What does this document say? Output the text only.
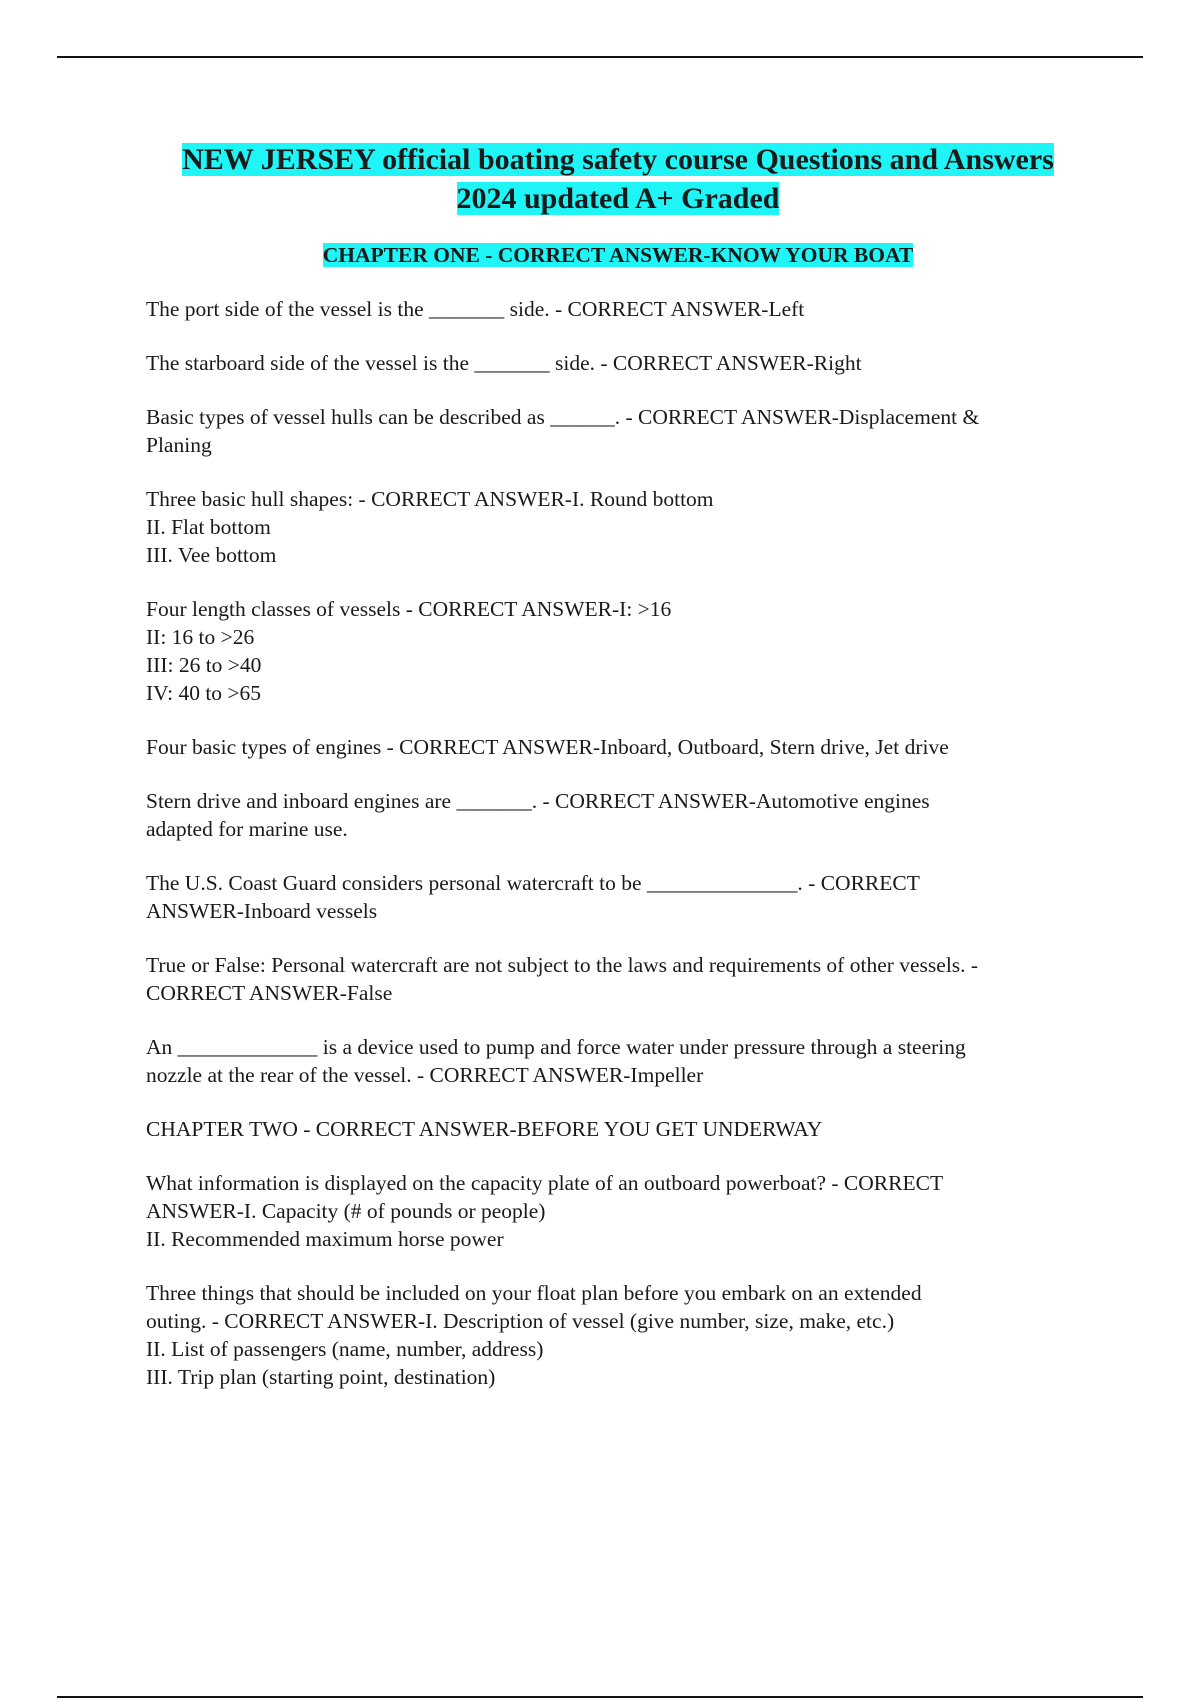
NEW JERSEY official boating safety course Questions and Answers
2024 updated A+ Graded

CHAPTER ONE - CORRECT ANSWER-KNOW YOUR BOAT

The port side of the vessel is the _______ side. - CORRECT ANSWER-Left

The starboard side of the vessel is the _______ side. - CORRECT ANSWER-Right

Basic types of vessel hulls can be described as ______. - CORRECT ANSWER-Displacement &
Planing

Three basic hull shapes: - CORRECT ANSWER-I. Round bottom
II. Flat bottom
III. Vee bottom

Four length classes of vessels - CORRECT ANSWER-I: >16
II: 16 to >26
III: 26 to >40
IV: 40 to >65

Four basic types of engines - CORRECT ANSWER-Inboard, Outboard, Stern drive, Jet drive

Stern drive and inboard engines are _______. - CORRECT ANSWER-Automotive engines
adapted for marine use.

The U.S. Coast Guard considers personal watercraft to be ______________. - CORRECT
ANSWER-Inboard vessels

True or False: Personal watercraft are not subject to the laws and requirements of other vessels. -
CORRECT ANSWER-False

An _____________ is a device used to pump and force water under pressure through a steering
nozzle at the rear of the vessel. - CORRECT ANSWER-Impeller

CHAPTER TWO - CORRECT ANSWER-BEFORE YOU GET UNDERWAY

What information is displayed on the capacity plate of an outboard powerboat? - CORRECT
ANSWER-I. Capacity (# of pounds or people)
II. Recommended maximum horse power

Three things that should be included on your float plan before you embark on an extended
outing. - CORRECT ANSWER-I. Description of vessel (give number, size, make, etc.)
II. List of passengers (name, number, address)
III. Trip plan (starting point, destination)
